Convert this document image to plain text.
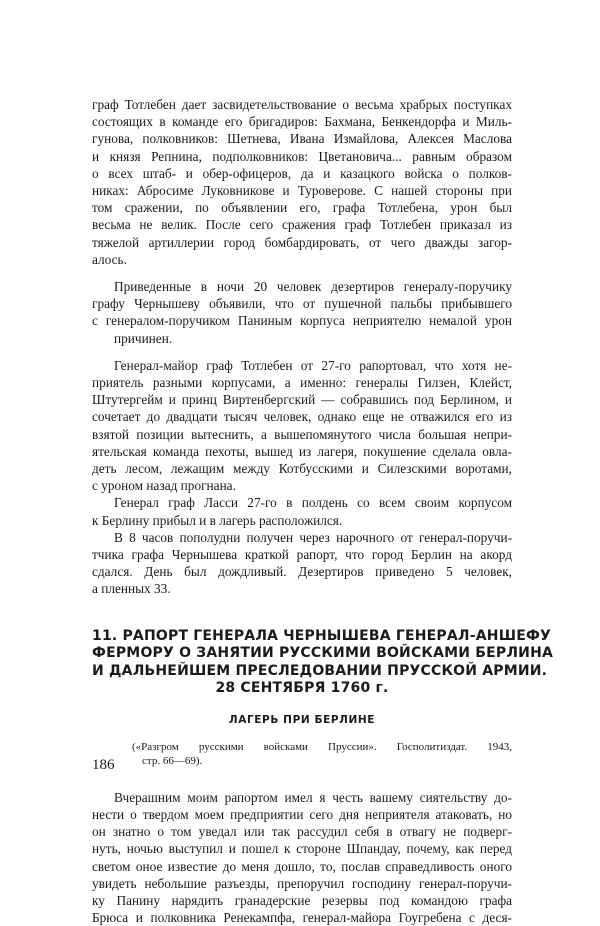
граф Тотлебен дает засвидетельствование о весьма храбрых поступках
состоящих в команде его бригадиров: Бахмана, Бенкендорфа и Миль-
гунова, полковников: Шетнева, Ивана Измайлова, Алексея Маслова
и князя Репнина, подполковников: Цветановича... равным образом
о всех штаб- и обер-офицеров, да и казацкого войска о полков-
никах: Абросиме Луковникове и Туроверове. С нашей стороны при
том сражении, по объявлении его, графа Тотлебена, урон был
весьма не велик. После сего сражения граф Тотлебен приказал из
тяжелой артиллерии город бомбардировать, от чего дважды загор-
алось.
Приведенные в ночи 20 человек дезертиров генералу-поручику
графу Чернышеву объявили, что от пушечной пальбы прибывшего
с генералом-поручиком Паниным корпуса неприятелю немалой урон
причинен.
Генерал-майор граф Тотлебен от 27-го рапортовал, что хотя не-
приятель разными корпусами, а именно: генералы Гилзен, Клейст,
Штутергейм и принц Виртенбергский — собравшись под Берлином, и
сочетает до двадцати тысяч человек, однако еще не отважился его из
взятой позиции вытеснить, а вышепомянутого числа большая непри-
ятельская команда пехоты, вышед из лагеря, покушение сделала овла-
деть лесом, лежащим между Котбусскими и Силезскими воротами,
с уроном назад прогнана.
Генерал граф Ласси 27-го в полдень со всем своим корпусом
к Берлину прибыл и в лагерь расположился.
В 8 часов пополудни получен через нарочного от генерал-поручи-
тчика графа Чернышева краткой рапорт, что город Берлин на акорд
сдался. День был дождливый. Дезертиров приведено 5 человек,
а пленных 33.
11. РАПОРТ ГЕНЕРАЛА ЧЕРНЫШЕВА ГЕНЕРАЛ-АНШЕФУ
ФЕРМОРУ О ЗАНЯТИИ РУССКИМИ ВОЙСКАМИ БЕРЛИНА
И ДАЛЬНЕЙШЕМ ПРЕСЛЕДОВАНИИ ПРУССКОЙ АРМИИ.
28 СЕНТЯБРЯ 1760 г.
ЛАГЕРЬ ПРИ БЕРЛИНЕ
(«Разгром русскими войсками Пруссии». Госполитиздат. 1943,
стр. 66—69).
Вчерашним моим рапортом имел я честь вашему сиятельству до-
нести о твердом моем предприятии сего дня неприятеля атаковать, но
он знатно о том уведал или так рассудил себя в отвагу не подверг-
нуть, ночью выступил и пошел к стороне Шпандау, почему, как перед
светом оное известие до меня дошло, то, послав справедливость оного
увидеть небольшие разъезды, препоручил господину генерал-поручи-
ку Панину нарядить гранадерские резервы под командою графа
Брюса и полковника Ренекампфа, генерал-майора Гоугребена с деся-
186
